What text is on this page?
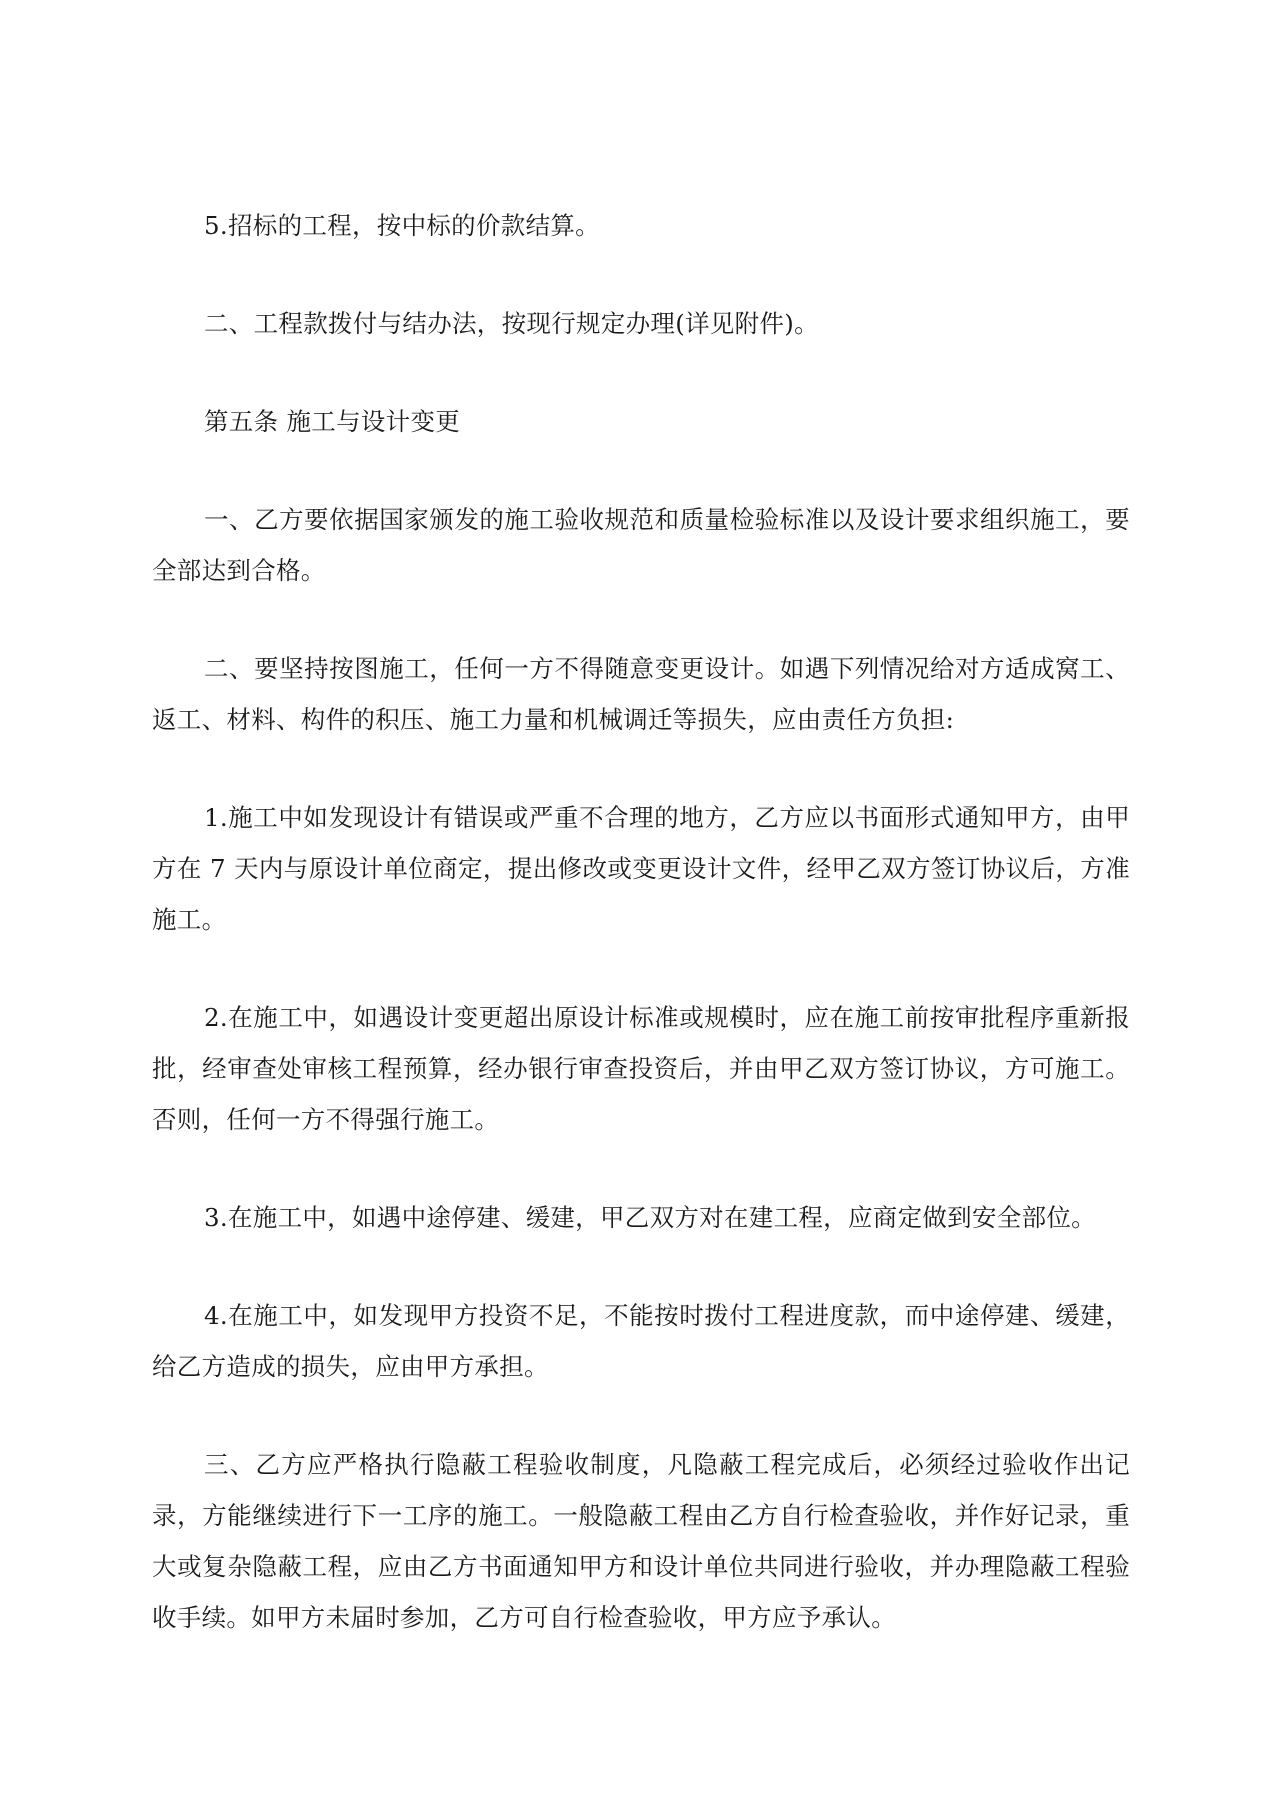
5.招标的工程，按中标的价款结算。

二、工程款拨付与结办法，按现行规定办理(详见附件)。

第五条 施工与设计变更

一、乙方要依据国家颁发的施工验收规范和质量检验标准以及设计要求组织施工，要全部达到合格。

二、要坚持按图施工，任何一方不得随意变更设计。如遇下列情况给对方适成窝工、返工、材料、构件的积压、施工力量和机械调迁等损失，应由责任方负担:

1.施工中如发现设计有错误或严重不合理的地方，乙方应以书面形式通知甲方，由甲方在 7 天内与原设计单位商定，提出修改或变更设计文件，经甲乙双方签订协议后，方准施工。

2.在施工中，如遇设计变更超出原设计标准或规模时，应在施工前按审批程序重新报批，经审查处审核工程预算，经办银行审查投资后，并由甲乙双方签订协议，方可施工。否则，任何一方不得强行施工。

3.在施工中，如遇中途停建、缓建，甲乙双方对在建工程，应商定做到安全部位。

4.在施工中，如发现甲方投资不足，不能按时拨付工程进度款，而中途停建、缓建，给乙方造成的损失，应由甲方承担。

三、乙方应严格执行隐蔽工程验收制度，凡隐蔽工程完成后，必须经过验收作出记录，方能继续进行下一工序的施工。一般隐蔽工程由乙方自行检查验收，并作好记录，重大或复杂隐蔽工程，应由乙方书面通知甲方和设计单位共同进行验收，并办理隐蔽工程验收手续。如甲方未届时参加，乙方可自行检查验收，甲方应予承认。
